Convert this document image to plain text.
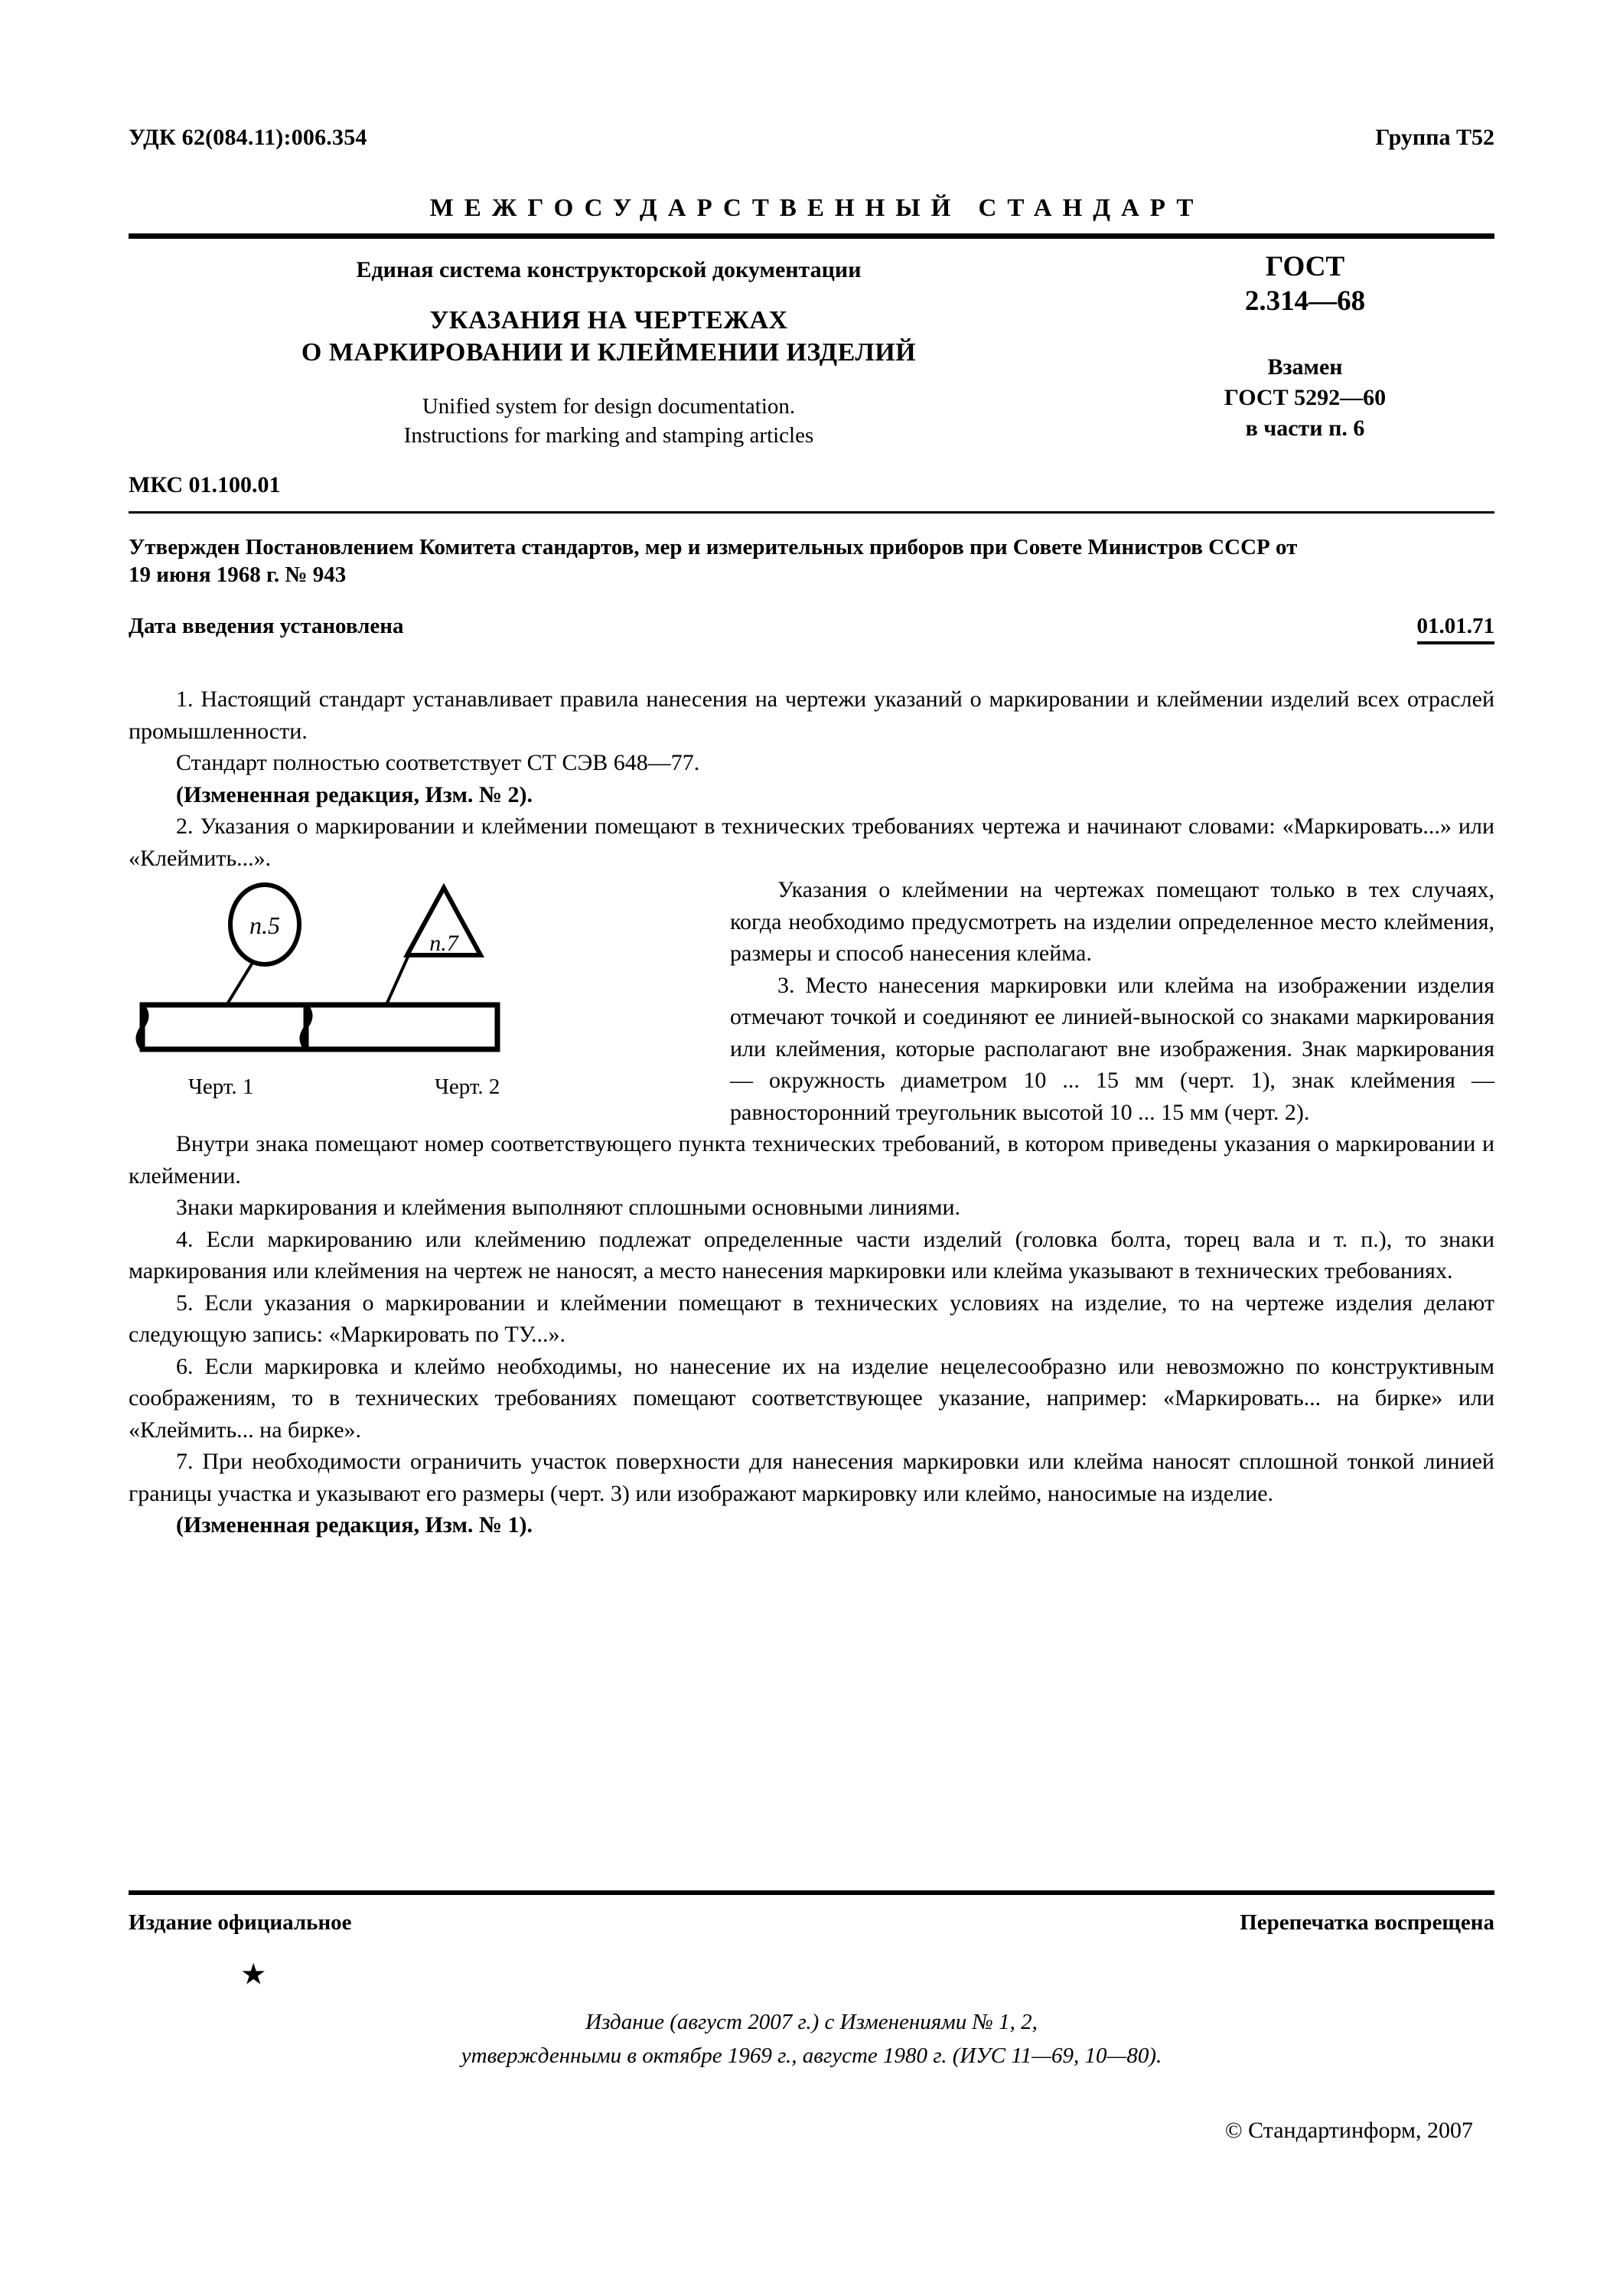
УДК 62(084.11):006.354	Группа Т52
МЕЖГОСУДАРСТВЕННЫЙ СТАНДАРТ
Единая система конструкторской документации
УКАЗАНИЯ НА ЧЕРТЕЖАХ
О МАРКИРОВАНИИ И КЛЕЙМЕНИИ ИЗДЕЛИЙ
Unified system for design documentation.
Instructions for marking and stamping articles
ГОСТ
2.314—68
Взамен
ГОСТ 5292—60
в части п. 6
МКС 01.100.01
Утвержден Постановлением Комитета стандартов, мер и измерительных приборов при Совете Министров СССР от
19 июня 1968 г. № 943
Дата введения установлена	01.01.71

1. Настоящий стандарт устанавливает правила нанесения на чертежи указаний о маркировании и клеймении изделий всех отраслей промышленности.

Стандарт полностью соответствует СТ СЭВ 648—77.

(Измененная редакция, Изм. № 2).

2. Указания о маркировании и клеймении помещают в технических требованиях чертежа и начинают словами: «Маркировать...» или «Клеймить...».

п.5
п.7
Черт. 1	Черт. 2

Указания о клеймении на чертежах помещают только в тех случаях, когда необходимо предусмотреть на изделии определенное место клеймения, размеры и способ нанесения клейма.

3. Место нанесения маркировки или клейма на изображении изделия отмечают точкой и соединяют ее линией-выноской со знаками маркирования или клеймения, которые располагают вне изображения. Знак маркирования — окружность диаметром 10 ... 15 мм (черт. 1), знак клеймения — равносторонний треугольник высотой 10 ... 15 мм (черт. 2).

Внутри знака помещают номер соответствующего пункта технических требований, в котором приведены указания о маркировании и клеймении.

Знаки маркирования и клеймения выполняют сплошными основными линиями.

4. Если маркированию или клеймению подлежат определенные части изделий (головка болта, торец вала и т. п.), то знаки маркирования или клеймения на чертеж не наносят, а место нанесения маркировки или клейма указывают в технических требованиях.

5. Если указания о маркировании и клеймении помещают в технических условиях на изделие, то на чертеже изделия делают следующую запись: «Маркировать по ТУ...».

6. Если маркировка и клеймо необходимы, но нанесение их на изделие нецелесообразно или невозможно по конструктивным соображениям, то в технических требованиях помещают соответствующее указание, например: «Маркировать... на бирке» или «Клеймить... на бирке».

7. При необходимости ограничить участок поверхности для нанесения маркировки или клейма наносят сплошной тонкой линией границы участка и указывают его размеры (черт. 3) или изображают маркировку или клеймо, наносимые на изделие.

(Измененная редакция, Изм. № 1).

Издание официальное	Перепечатка воспрещена
★
Издание (август 2007 г.) с Изменениями № 1, 2,
утвержденными в октябре 1969 г., августе 1980 г. (ИУС 11—69, 10—80).
© Стандартинформ, 2007
